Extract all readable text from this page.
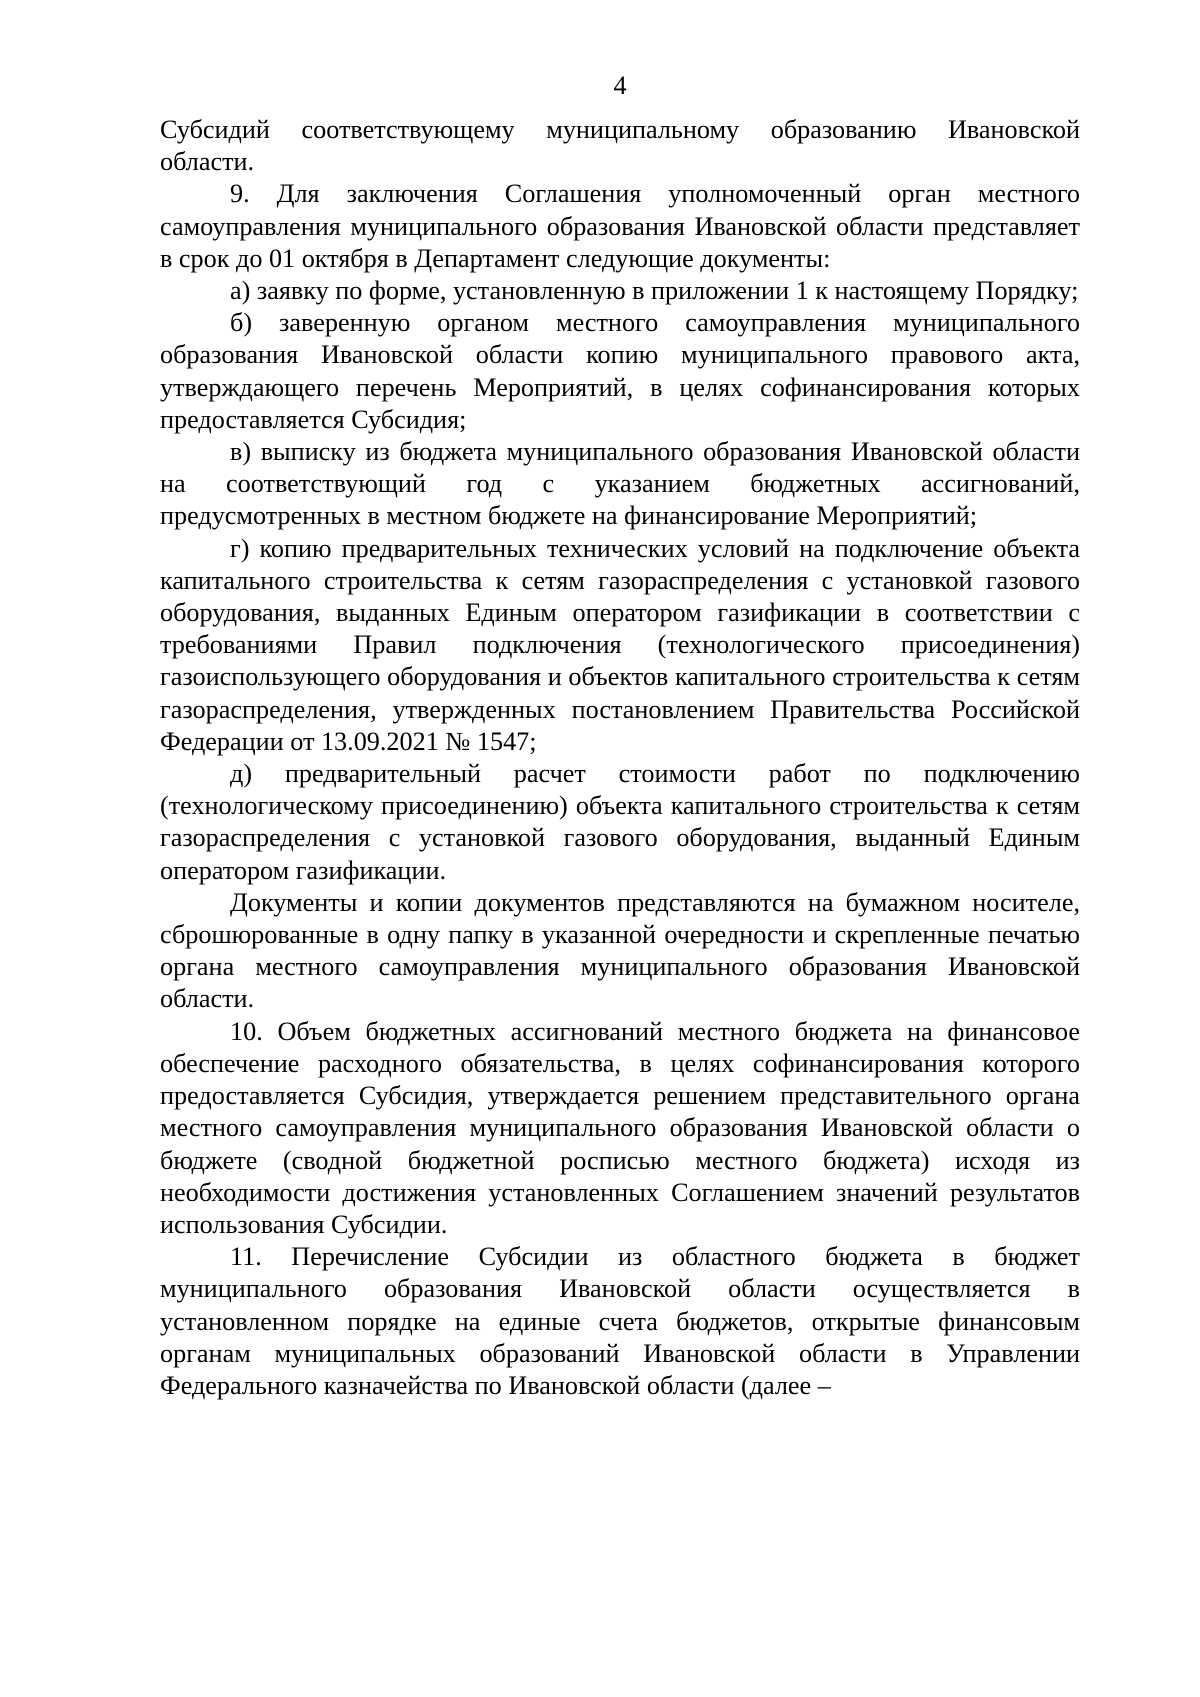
4

Субсидий соответствующему муниципальному образованию Ивановской области.

9. Для заключения Соглашения уполномоченный орган местного самоуправления муниципального образования Ивановской области представляет в срок до 01 октября в Департамент следующие документы:

а) заявку по форме, установленную в приложении 1 к настоящему Порядку;

б) заверенную органом местного самоуправления муниципального образования Ивановской области копию муниципального правового акта, утверждающего перечень Мероприятий, в целях софинансирования которых предоставляется Субсидия;

в) выписку из бюджета муниципального образования Ивановской области на соответствующий год с указанием бюджетных ассигнований, предусмотренных в местном бюджете на финансирование Мероприятий;

г) копию предварительных технических условий на подключение объекта капитального строительства к сетям газораспределения с установкой газового оборудования, выданных Единым оператором газификации в соответствии с требованиями Правил подключения (технологического присоединения) газоиспользующего оборудования и объектов капитального строительства к сетям газораспределения, утвержденных постановлением Правительства Российской Федерации от 13.09.2021 № 1547;

д) предварительный расчет стоимости работ по подключению (технологическому присоединению) объекта капитального строительства к сетям газораспределения с установкой газового оборудования, выданный Единым оператором газификации.

Документы и копии документов представляются на бумажном носителе, сброшюрованные в одну папку в указанной очередности и скрепленные печатью органа местного самоуправления муниципального образования Ивановской области.

10. Объем бюджетных ассигнований местного бюджета на финансовое обеспечение расходного обязательства, в целях софинансирования которого предоставляется Субсидия, утверждается решением представительного органа местного самоуправления муниципального образования Ивановской области о бюджете (сводной бюджетной росписью местного бюджета) исходя из необходимости достижения установленных Соглашением значений результатов использования Субсидии.

11. Перечисление Субсидии из областного бюджета в бюджет муниципального образования Ивановской области осуществляется в установленном порядке на единые счета бюджетов, открытые финансовым органам муниципальных образований Ивановской области в Управлении Федерального казначейства по Ивановской области (далее –
